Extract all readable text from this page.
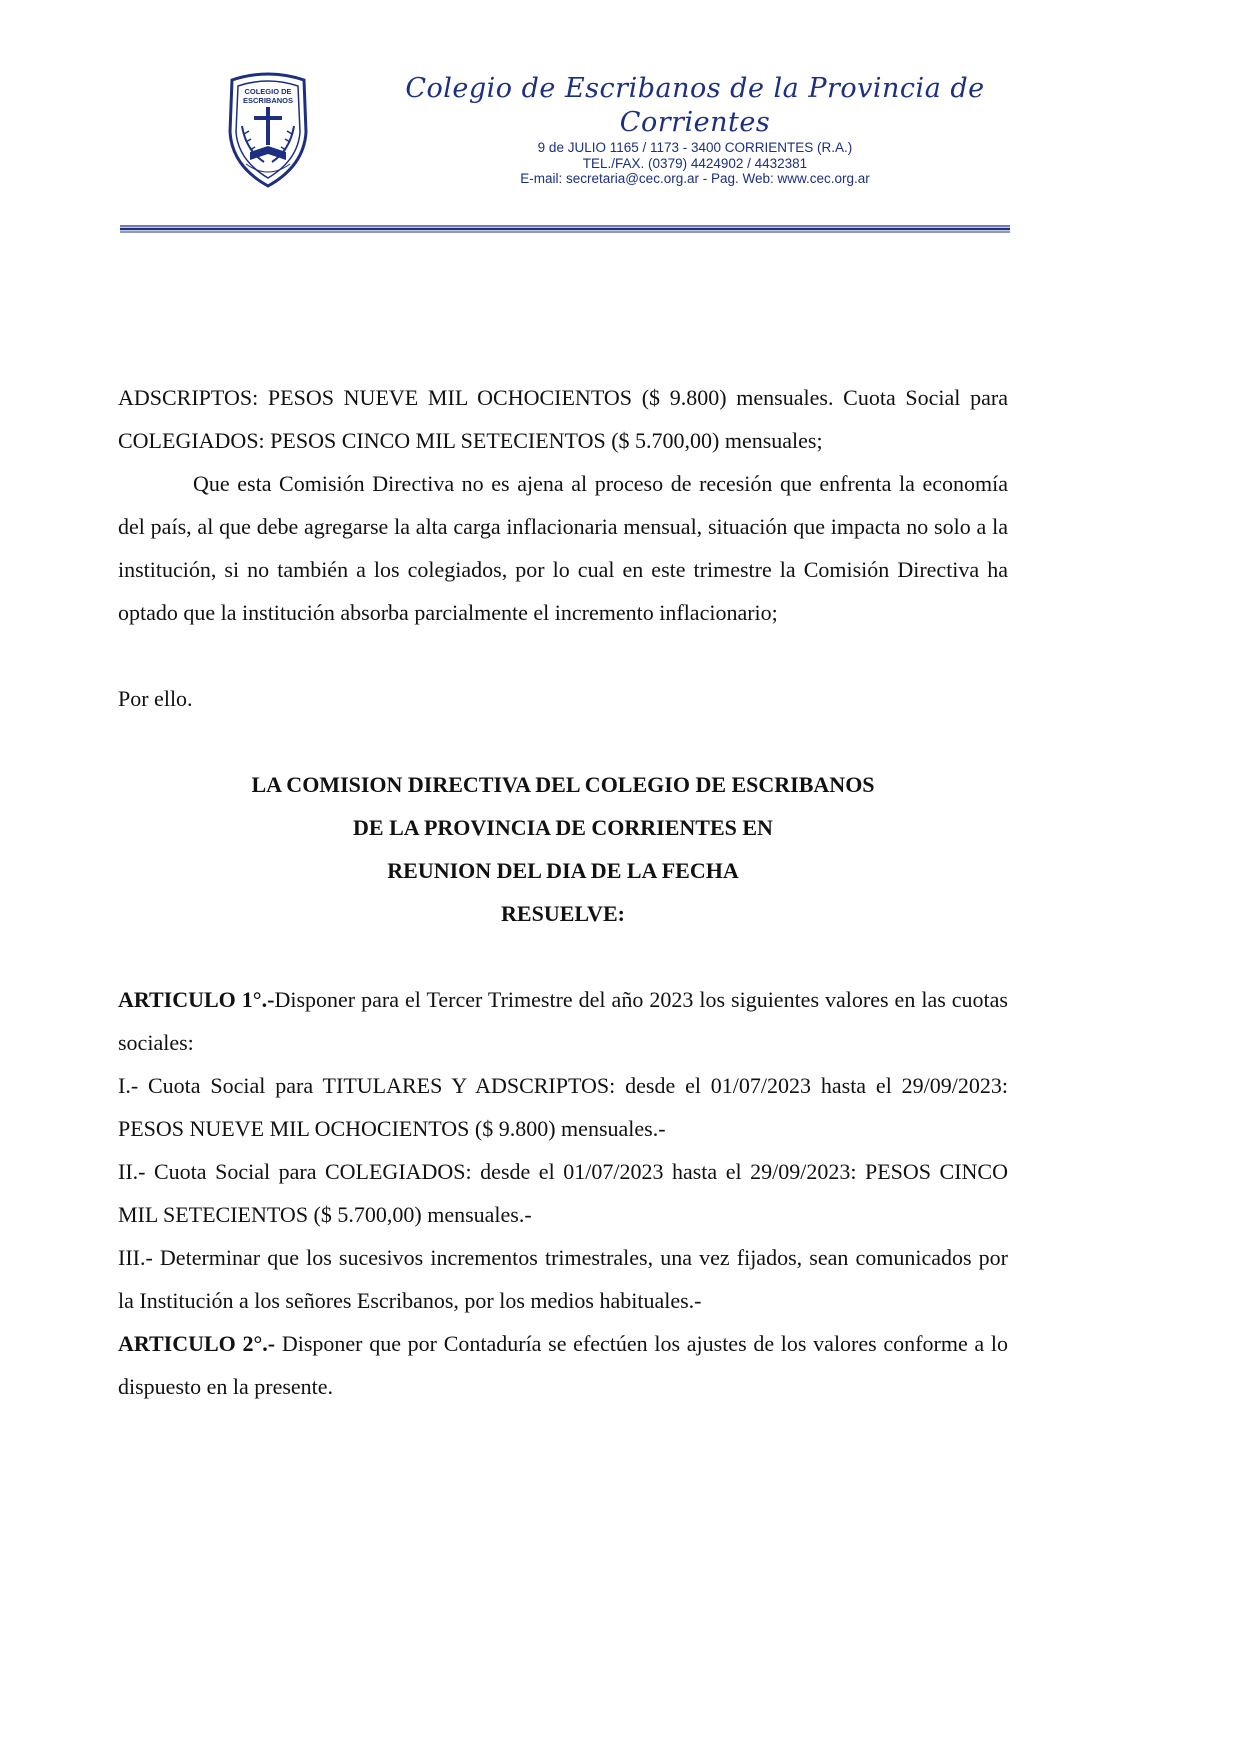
COLEGIO DE
ESCRIBANOS	Colegio de Escribanos de la Provincia de Corrientes
9 de JULIO 1165 / 1173 - 3400 CORRIENTES (R.A.)
TEL./FAX. (0379) 4424902 / 4432381
E-mail: secretaria@cec.org.ar - Pag. Web: www.cec.org.ar

ADSCRIPTOS: PESOS NUEVE MIL OCHOCIENTOS ($ 9.800) mensuales. Cuota Social para COLEGIADOS: PESOS CINCO MIL SETECIENTOS ($ 5.700,00) mensuales;

Que esta Comisión Directiva no es ajena al proceso de recesión que enfrenta la economía del país, al que debe agregarse la alta carga inflacionaria mensual, situación que impacta no solo a la institución, si no también a los colegiados, por lo cual en este trimestre la Comisión Directiva ha optado que la institución absorba parcialmente el incremento inflacionario;

Por ello.

LA COMISION DIRECTIVA DEL COLEGIO DE ESCRIBANOS

DE LA PROVINCIA DE CORRIENTES EN

REUNION DEL DIA DE LA FECHA

RESUELVE:

ARTICULO 1°.-Disponer para el Tercer Trimestre del año 2023 los siguientes valores en las cuotas sociales:

I.- Cuota Social para TITULARES Y ADSCRIPTOS: desde el 01/07/2023 hasta el 29/09/2023: PESOS NUEVE MIL OCHOCIENTOS ($ 9.800) mensuales.-

II.- Cuota Social para COLEGIADOS: desde el 01/07/2023 hasta el 29/09/2023: PESOS CINCO MIL SETECIENTOS ($ 5.700,00) mensuales.-

III.- Determinar que los sucesivos incrementos trimestrales, una vez fijados, sean comunicados por la Institución a los señores Escribanos, por los medios habituales.-

ARTICULO 2°.- Disponer que por Contaduría se efectúen los ajustes de los valores conforme a lo dispuesto en la presente.
